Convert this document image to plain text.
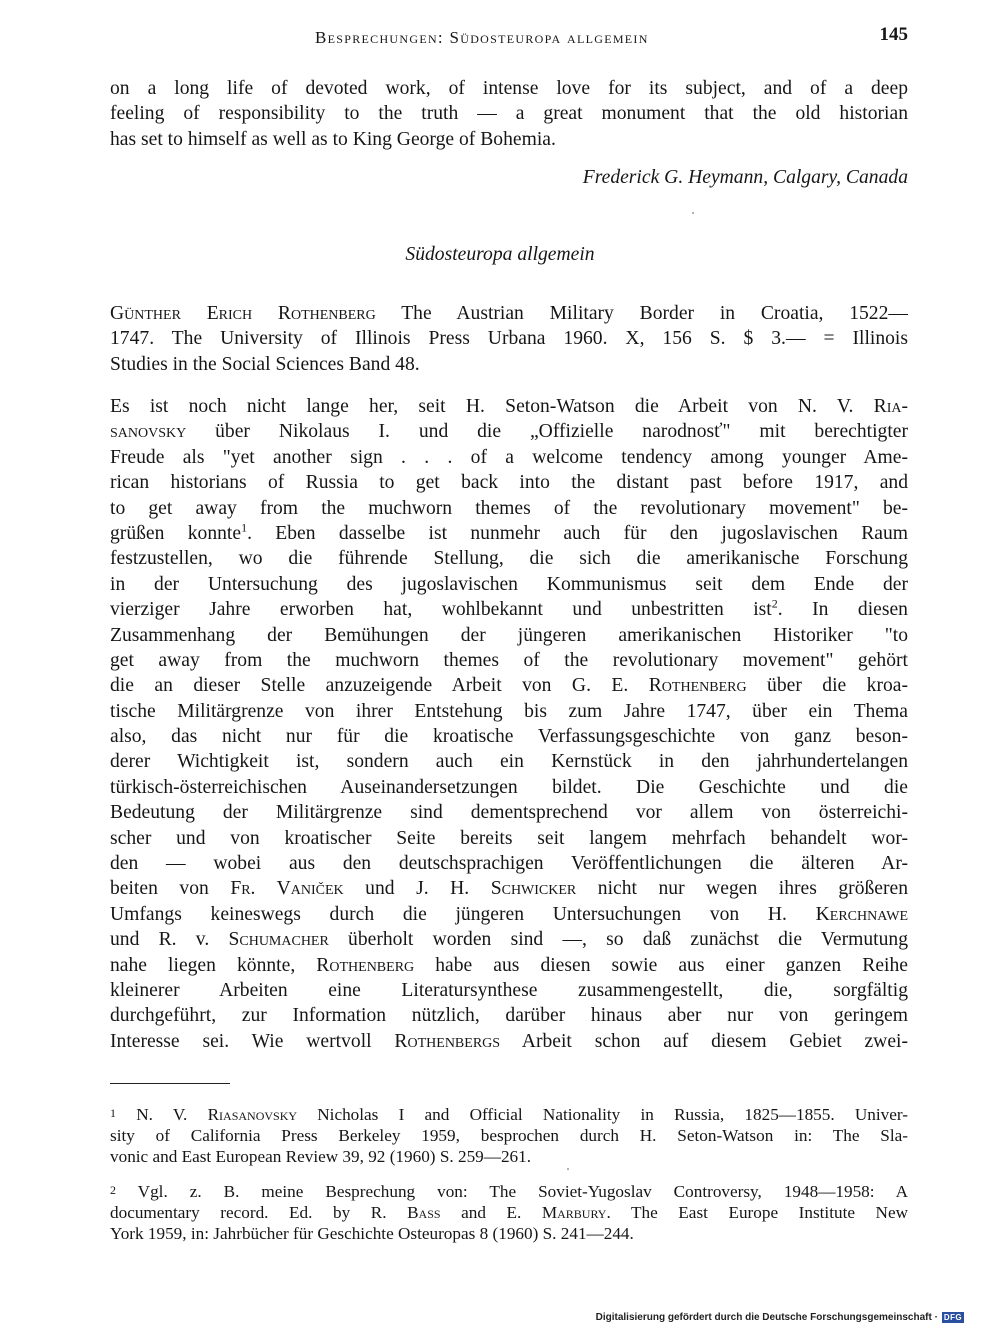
Besprechungen: Südosteuropa allgemein	145
on a long life of devoted work, of intense love for its subject, and of a deep
feeling of responsibility to the truth — a great monument that the old historian
has set to himself as well as to King George of Bohemia.
Frederick G. Heymann, Calgary, Canada
Südosteuropa allgemein
Günther Erich Rothenberg The Austrian Military Border in Croatia, 1522—
1747. The University of Illinois Press Urbana 1960. X, 156 S. $ 3.— = Illinois
Studies in the Social Sciences Band 48.
Es ist noch nicht lange her, seit H. Seton-Watson die Arbeit von N. V. Ria-
sanovsky über Nikolaus I. und die „Offizielle narodnosť" mit berechtigter
Freude als "yet another sign . . . of a welcome tendency among younger Ame-
rican historians of Russia to get back into the distant past before 1917, and
to get away from the muchworn themes of the revolutionary movement" be-
grüßen konnte$^1$. Eben dasselbe ist nunmehr auch für den jugoslavischen Raum
festzustellen, wo die führende Stellung, die sich die amerikanische Forschung
in der Untersuchung des jugoslavischen Kommunismus seit dem Ende der
vierziger Jahre erworben hat, wohlbekannt und unbestritten ist$^2$. In diesen
Zusammenhang der Bemühungen der jüngeren amerikanischen Historiker "to
get away from the muchworn themes of the revolutionary movement" gehört
die an dieser Stelle anzuzeigende Arbeit von G. E. Rothenberg über die kroa-
tische Militärgrenze von ihrer Entstehung bis zum Jahre 1747, über ein Thema
also, das nicht nur für die kroatische Verfassungsgeschichte von ganz beson-
derer Wichtigkeit ist, sondern auch ein Kernstück in den jahrhundertelangen
türkisch-österreichischen Auseinandersetzungen bildet. Die Geschichte und die
Bedeutung der Militärgrenze sind dementsprechend vor allem von österreichi-
scher und von kroatischer Seite bereits seit langem mehrfach behandelt wor-
den — wobei aus den deutschsprachigen Veröffentlichungen die älteren Ar-
beiten von Fr. Vaniček und J. H. Schwicker nicht nur wegen ihres größeren
Umfangs keineswegs durch die jüngeren Untersuchungen von H. Kerchnawe
und R. v. Schumacher überholt worden sind —, so daß zunächst die Vermutung
nahe liegen könnte, Rothenberg habe aus diesen sowie aus einer ganzen Reihe
kleinerer Arbeiten eine Literatursynthese zusammengestellt, die, sorgfältig
durchgeführt, zur Information nützlich, darüber hinaus aber nur von geringem
Interesse sei. Wie wertvoll Rothenbergs Arbeit schon auf diesem Gebiet zwei-
1 N. V. Riasanovsky Nicholas I and Official Nationality in Russia, 1825—1855. Univer-
sity of California Press Berkeley 1959, besprochen durch H. Seton-Watson in: The Sla-
vonic and East European Review 39, 92 (1960) S. 259—261.
2 Vgl. z. B. meine Besprechung von: The Soviet-Yugoslav Controversy, 1948—1958: A
documentary record. Ed. by R. Bass and E. Marbury. The East Europe Institute New
York 1959, in: Jahrbücher für Geschichte Osteuropas 8 (1960) S. 241—244.
Digitalisierung gefördert durch die Deutsche Forschungsgemeinschaft · DFG
